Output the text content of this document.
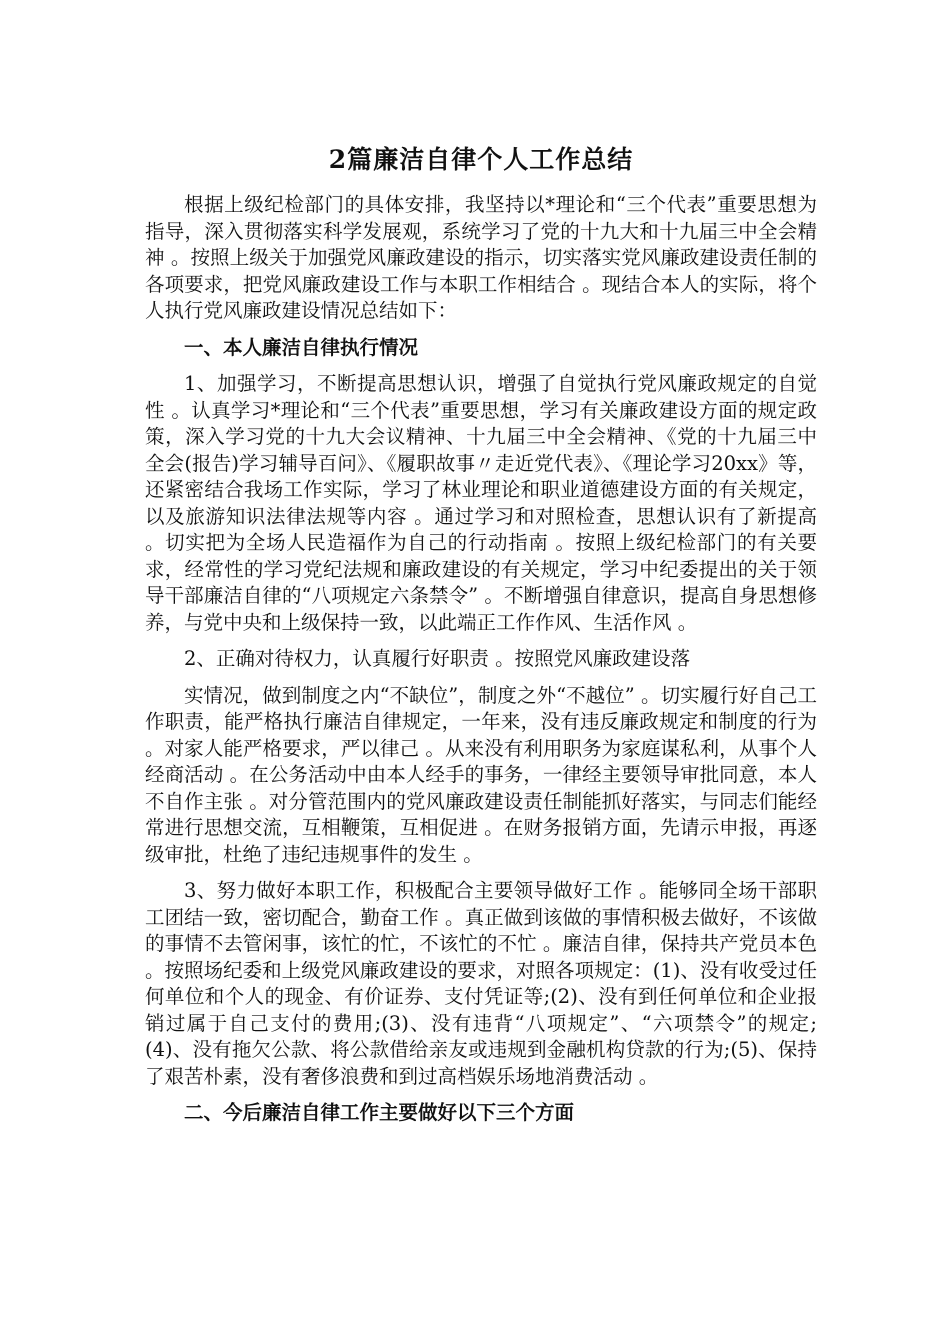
2篇廉洁自律个人工作总结

根据上级纪检部门的具体安排，我坚持以*理论和“三个代表”重要思想为指导，深入贯彻落实科学发展观，系统学习了党的十九大和十九届三中全会精神 。按照上级关于加强党风廉政建设的指示，切实落实党风廉政建设责任制的各项要求，把党风廉政建设工作与本职工作相结合 。现结合本人的实际，将个人执行党风廉政建设情况总结如下：

一、本人廉洁自律执行情况

1、加强学习，不断提高思想认识，增强了自觉执行党风廉政规定的自觉性 。认真学习*理论和“三个代表”重要思想，学习有关廉政建设方面的规定政策，深入学习党的十九大会议精神、十九届三中全会精神、《党的十九届三中全会(报告)学习辅导百问》、《履职故事〃走近党代表》、《理论学习20xx》等，还紧密结合我场工作实际，学习了林业理论和职业道德建设方面的有关规定，以及旅游知识法律法规等内容 。通过学习和对照检查，思想认识有了新提高 。切实把为全场人民造福作为自己的行动指南 。按照上级纪检部门的有关要求，经常性的学习党纪法规和廉政建设的有关规定，学习中纪委提出的关于领导干部廉洁自律的“八项规定六条禁令” 。不断增强自律意识，提高自身思想修养，与党中央和上级保持一致，以此端正工作作风、生活作风 。

2、正确对待权力，认真履行好职责 。按照党风廉政建设落

实情况，做到制度之内“不缺位”，制度之外“不越位” 。切实履行好自己工作职责，能严格执行廉洁自律规定，一年来，没有违反廉政规定和制度的行为 。对家人能严格要求，严以律己 。从来没有利用职务为家庭谋私利，从事个人经商活动 。在公务活动中由本人经手的事务，一律经主要领导审批同意，本人不自作主张 。对分管范围内的党风廉政建设责任制能抓好落实，与同志们能经常进行思想交流，互相鞭策，互相促进 。在财务报销方面，先请示申报，再逐级审批，杜绝了违纪违规事件的发生 。

3、努力做好本职工作，积极配合主要领导做好工作 。能够同全场干部职工团结一致，密切配合，勤奋工作 。真正做到该做的事情积极去做好，不该做的事情不去管闲事，该忙的忙，不该忙的不忙 。廉洁自律，保持共产党员本色 。按照场纪委和上级党风廉政建设的要求，对照各项规定：(1)、没有收受过任何单位和个人的现金、有价证券、支付凭证等;(2)、没有到任何单位和企业报销过属于自己支付的费用;(3)、没有违背“八项规定”、“六项禁令”的规定;(4)、没有拖欠公款、将公款借给亲友或违规到金融机构贷款的行为;(5)、保持了艰苦朴素，没有奢侈浪费和到过高档娱乐场地消费活动 。

二、今后廉洁自律工作主要做好以下三个方面
